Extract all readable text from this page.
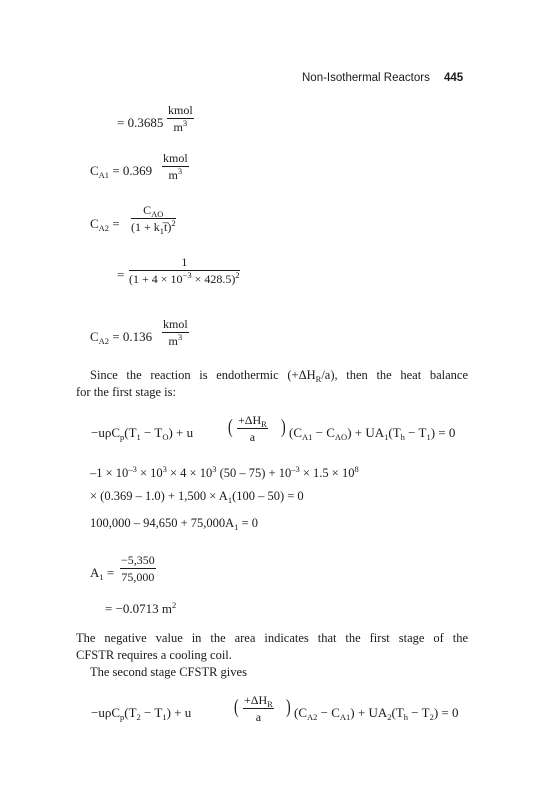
Non-Isothermal Reactors 445
= 0.3685
kmol
$m^3$
$C_{A1} = 0.369$
kmol
$m^3$
$C_{A2}$ =
$C_{AO}$
$(1 + k_1t̅)^2$
=
1
$(1 + 4 \times 10^{-3} \times 428.5)^2$
$C_{A2} = 0.136$
kmol
$m^3$
Since the reaction is endothermic $(+\Delta H_R/a)$, then the heat balance
for the first stage is:
$-u\rho C_p(T_1 - T_O) + u$ ( $+\Delta H_R$
a ) $(C_{A1} - C_{AO}) + UA_1(T_h - T_1) = 0$
$-1 \times 10^{-3} \times 10^3 \times 4 \times 10^3$ $(50 - 75) + 10^{-3} \times 1.5 \times 10^8$
× $(0.369 - 1.0) + 1,500 \times A_1(100 - 50) = 0$
$100,000 - 94,650 + 75,000A_1 = 0$
$A_1$ =
−5,350
75,000
= −0.0713 $m^2$
The negative value in the area indicates that the first stage of the
CFSTR requires a cooling coil.
The second stage CFSTR gives
$-u\rho C_p(T_2 - T_1) + u$ ( $+\Delta H_R$
a ) $(C_{A2} - C_{A1}) + UA_2(T_h - T_2) = 0$
